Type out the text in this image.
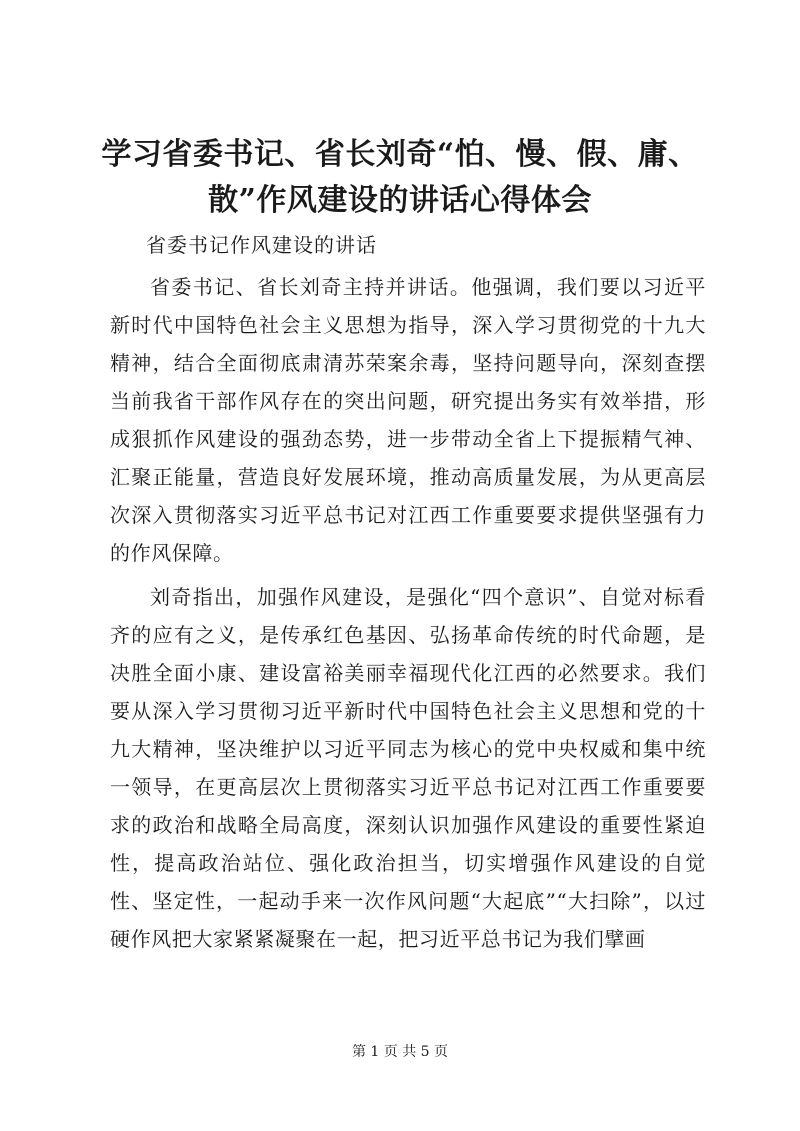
学习省委书记、省长刘奇“怕、慢、假、庸、散”作风建设的讲话心得体会
省委书记作风建设的讲话

省委书记、省长刘奇主持并讲话。他强调，我们要以习近平新时代中国特色社会主义思想为指导，深入学习贯彻党的十九大精神，结合全面彻底肃清苏荣案余毒，坚持问题导向，深刻查摆当前我省干部作风存在的突出问题，研究提出务实有效举措，形成狠抓作风建设的强劲态势，进一步带动全省上下提振精气神、汇聚正能量，营造良好发展环境，推动高质量发展，为从更高层次深入贯彻落实习近平总书记对江西工作重要要求提供坚强有力的作风保障。

刘奇指出，加强作风建设，是强化“四个意识”、自觉对标看齐的应有之义，是传承红色基因、弘扬革命传统的时代命题，是决胜全面小康、建设富裕美丽幸福现代化江西的必然要求。我们要从深入学习贯彻习近平新时代中国特色社会主义思想和党的十九大精神，坚决维护以习近平同志为核心的党中央权威和集中统一领导，在更高层次上贯彻落实习近平总书记对江西工作重要要求的政治和战略全局高度，深刻认识加强作风建设的重要性紧迫性，提高政治站位、强化政治担当，切实增强作风建设的自觉性、坚定性，一起动手来一次作风问题“大起底”“大扫除”，以过硬作风把大家紧紧凝聚在一起，把习近平总书记为我们擘画

第 1 页 共 5 页
